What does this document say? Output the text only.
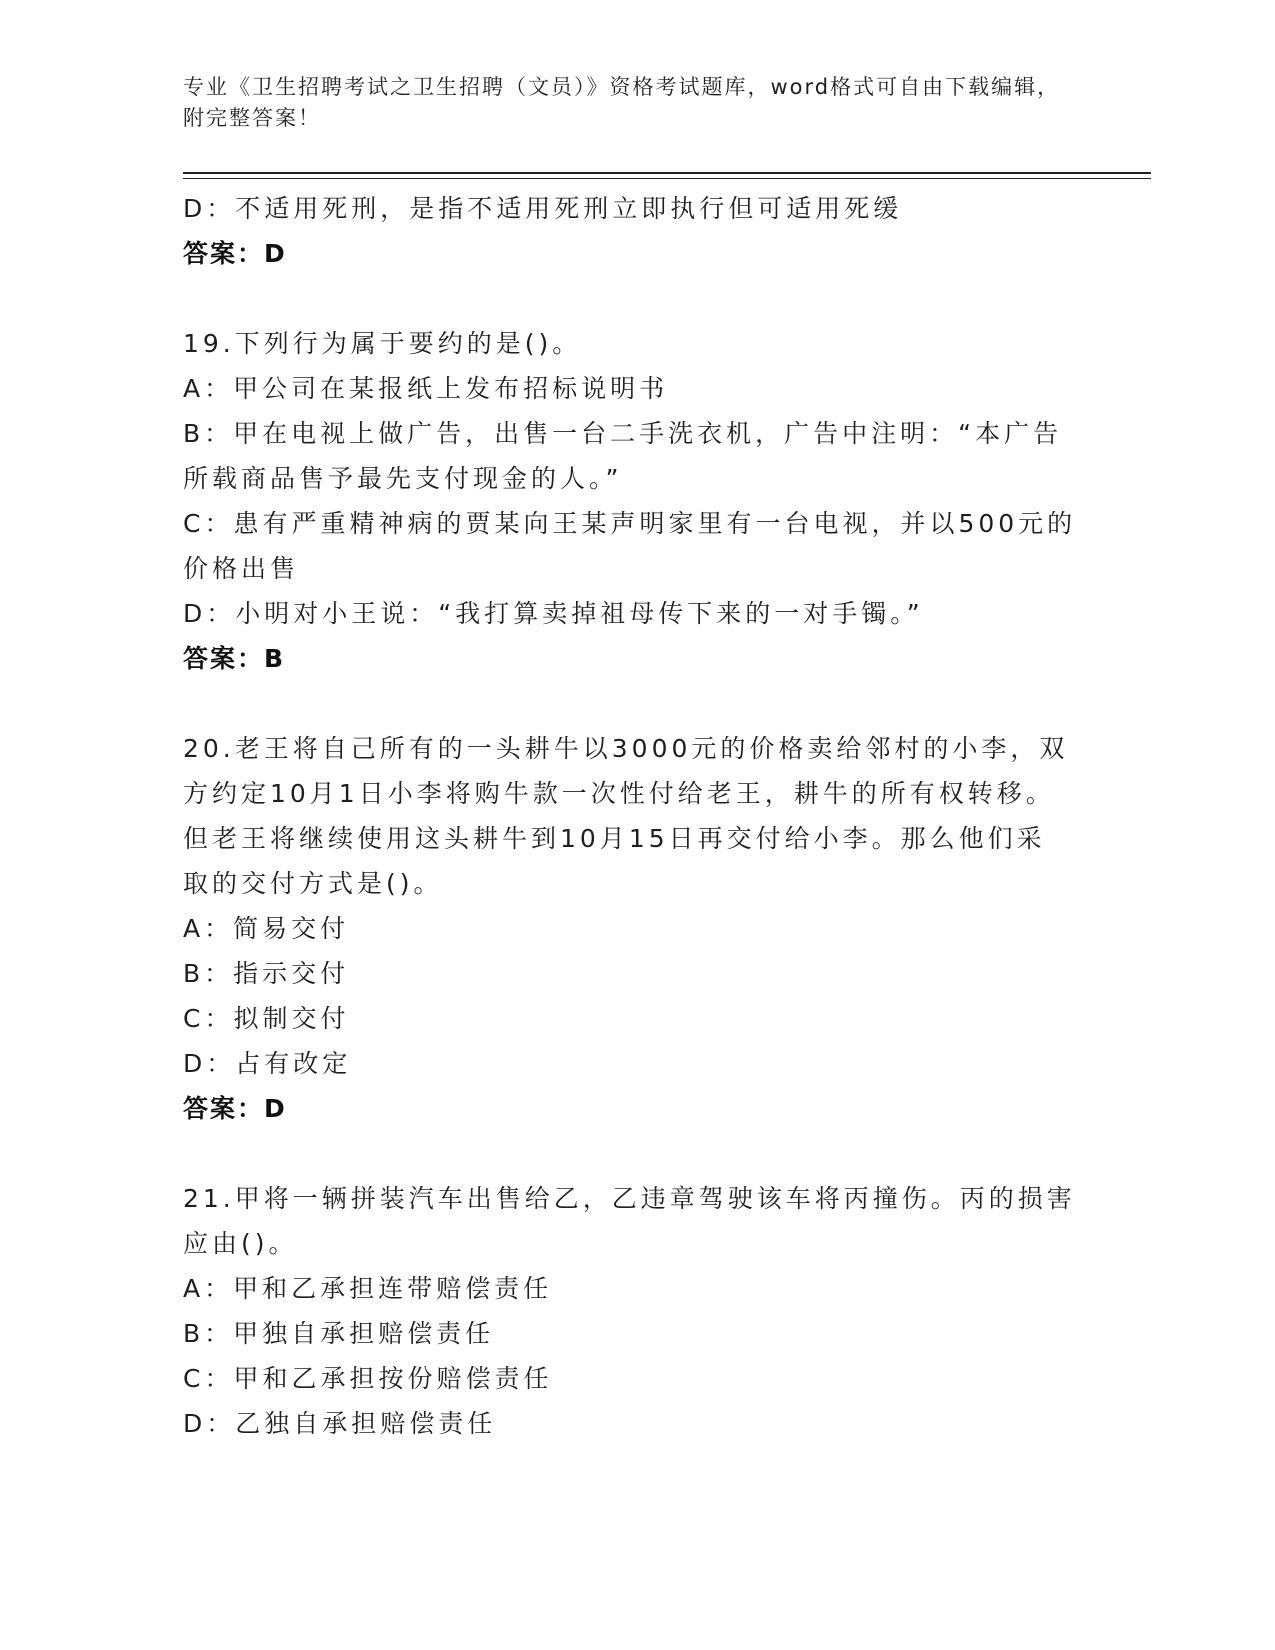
专业《卫生招聘考试之卫生招聘（文员）》资格考试题库，word格式可自由下载编辑，附完整答案！
D：不适用死刑，是指不适用死刑立即执行但可适用死缓
答案：D
19.下列行为属于要约的是()。
A：甲公司在某报纸上发布招标说明书
B：甲在电视上做广告，出售一台二手洗衣机，广告中注明：“本广告
所载商品售予最先支付现金的人。”
C：患有严重精神病的贾某向王某声明家里有一台电视，并以500元的
价格出售
D：小明对小王说：“我打算卖掉祖母传下来的一对手镯。”
答案：B
20.老王将自己所有的一头耕牛以3000元的价格卖给邻村的小李，双
方约定10月1日小李将购牛款一次性付给老王，耕牛的所有权转移。
但老王将继续使用这头耕牛到10月15日再交付给小李。那么他们采
取的交付方式是()。
A：简易交付
B：指示交付
C：拟制交付
D：占有改定
答案：D
21.甲将一辆拼装汽车出售给乙，乙违章驾驶该车将丙撞伤。丙的损害
应由()。
A：甲和乙承担连带赔偿责任
B：甲独自承担赔偿责任
C：甲和乙承担按份赔偿责任
D：乙独自承担赔偿责任
